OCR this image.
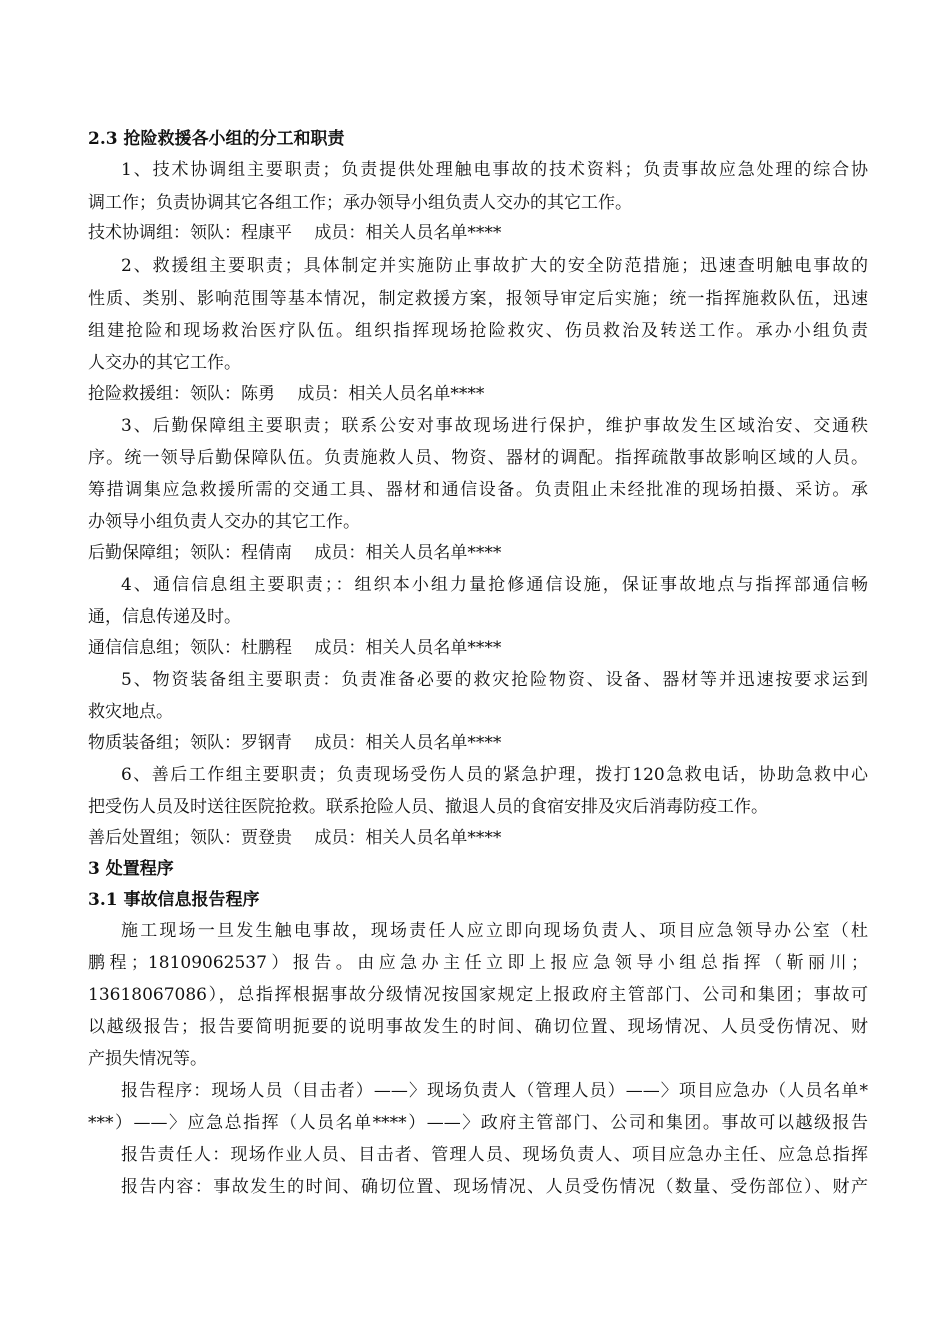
2.3 抢险救援各小组的分工和职责
1、技术协调组主要职责；负责提供处理触电事故的技术资料；负责事故应急处理的综合协
调工作；负责协调其它各组工作；承办领导小组负责人交办的其它工作。
技术协调组：领队：程康平　 成员：相关人员名单****
2、救援组主要职责；具体制定并实施防止事故扩大的安全防范措施；迅速查明触电事故的
性质、类别、影响范围等基本情况，制定救援方案，报领导审定后实施；统一指挥施救队伍，迅速
组建抢险和现场救治医疗队伍。组织指挥现场抢险救灾、伤员救治及转送工作。承办小组负责
人交办的其它工作。
抢险救援组：领队：陈勇　 成员：相关人员名单****
3、后勤保障组主要职责；联系公安对事故现场进行保护，维护事故发生区域治安、交通秩
序。统一领导后勤保障队伍。负责施救人员、物资、器材的调配。指挥疏散事故影响区域的人员。
筹措调集应急救援所需的交通工具、器材和通信设备。负责阻止未经批准的现场拍摄、采访。承
办领导小组负责人交办的其它工作。
后勤保障组；领队：程倩南　 成员：相关人员名单****
4、通信信息组主要职责；：组织本小组力量抢修通信设施，保证事故地点与指挥部通信畅
通，信息传递及时。
通信信息组；领队：杜鹏程　 成员：相关人员名单****
5、物资装备组主要职责：负责准备必要的救灾抢险物资、设备、器材等并迅速按要求运到
救灾地点。
物质装备组；领队：罗钢青　 成员：相关人员名单****
6、善后工作组主要职责；负责现场受伤人员的紧急护理，拨打120急救电话，协助急救中心
把受伤人员及时送往医院抢救。联系抢险人员、撤退人员的食宿安排及灾后消毒防疫工作。
善后处置组；领队：贾登贵　 成员：相关人员名单****
3 处置程序
3.1 事故信息报告程序
施工现场一旦发生触电事故，现场责任人应立即向现场负责人、项目应急领导办公室（杜
鹏程；18109062537）报告。由应急办主任立即上报应急领导小组总指挥（靳丽川；
13618067086），总指挥根据事故分级情况按国家规定上报政府主管部门、公司和集团；事故可
以越级报告；报告要简明扼要的说明事故发生的时间、确切位置、现场情况、人员受伤情况、财
产损失情况等。
报告程序：现场人员（目击者）——〉现场负责人（管理人员）——〉项目应急办（人员名单*
***）——〉应急总指挥（人员名单****）——〉政府主管部门、公司和集团。事故可以越级报告
报告责任人：现场作业人员、目击者、管理人员、现场负责人、项目应急办主任、应急总指挥
报告内容：事故发生的时间、确切位置、现场情况、人员受伤情况（数量、受伤部位）、财产
